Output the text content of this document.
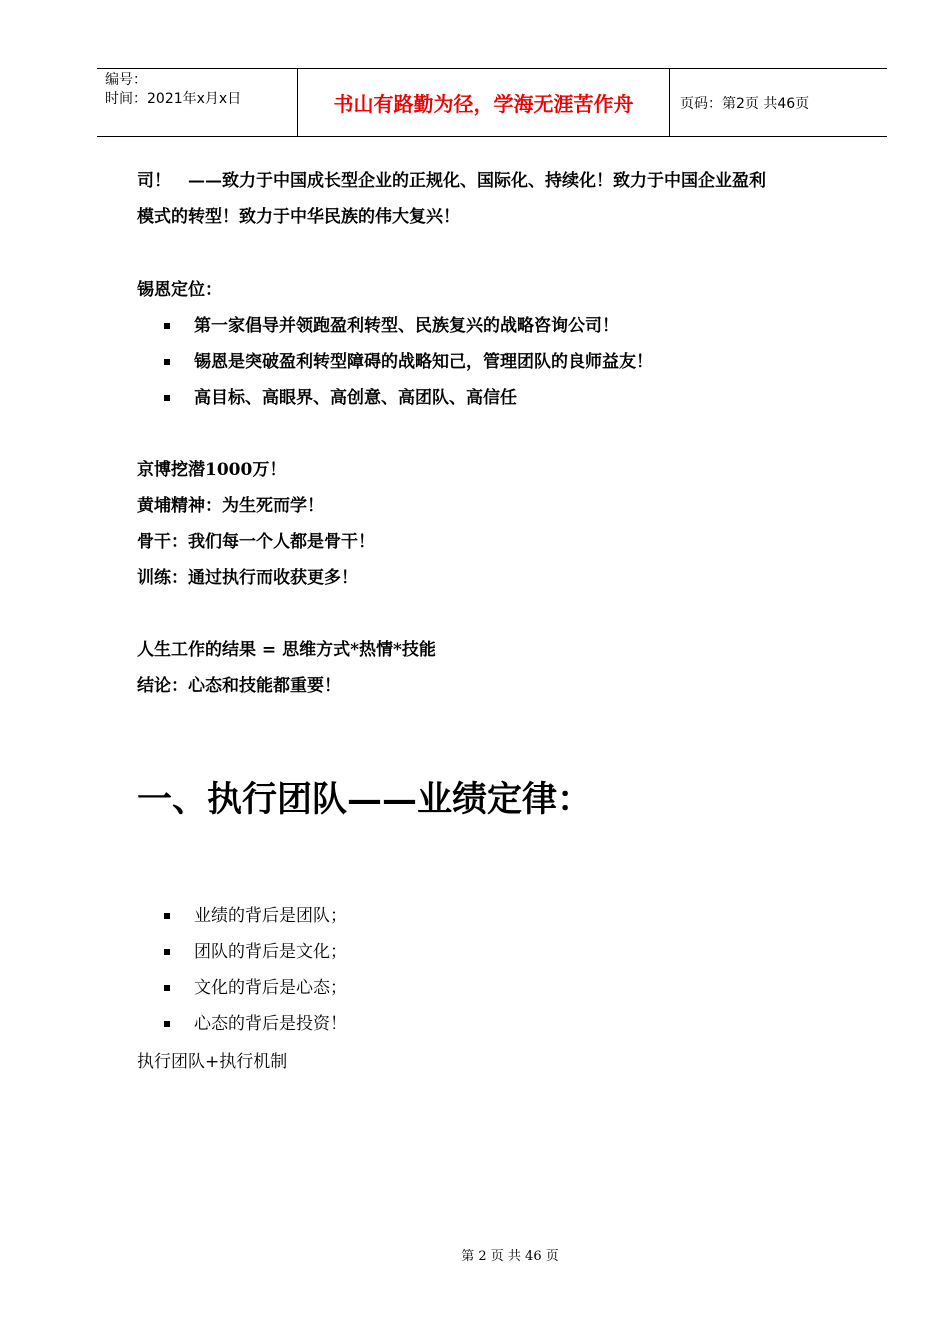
编号：
时间：2021年x月x日	书山有路勤为径，学海无涯苦作舟	页码：第2页 共46页

司！　——致力于中国成长型企业的正规化、国际化、持续化！致力于中国企业盈利

模式的转型！致力于中华民族的伟大复兴！

锡恩定位：
第一家倡导并领跑盈利转型、民族复兴的战略咨询公司！
锡恩是突破盈利转型障碍的战略知己，管理团队的良师益友！
高目标、高眼界、高创意、高团队、高信任

京博挖潜1000万！

黄埔精神：为生死而学！

骨干：我们每一个人都是骨干！

训练：通过执行而收获更多！

人生工作的结果 = 思维方式*热情*技能

结论：心态和技能都重要！

一、执行团队——业绩定律：
业绩的背后是团队；
团队的背后是文化；
文化的背后是心态；
心态的背后是投资！
执行团队+执行机制
第 2 页 共 46 页
